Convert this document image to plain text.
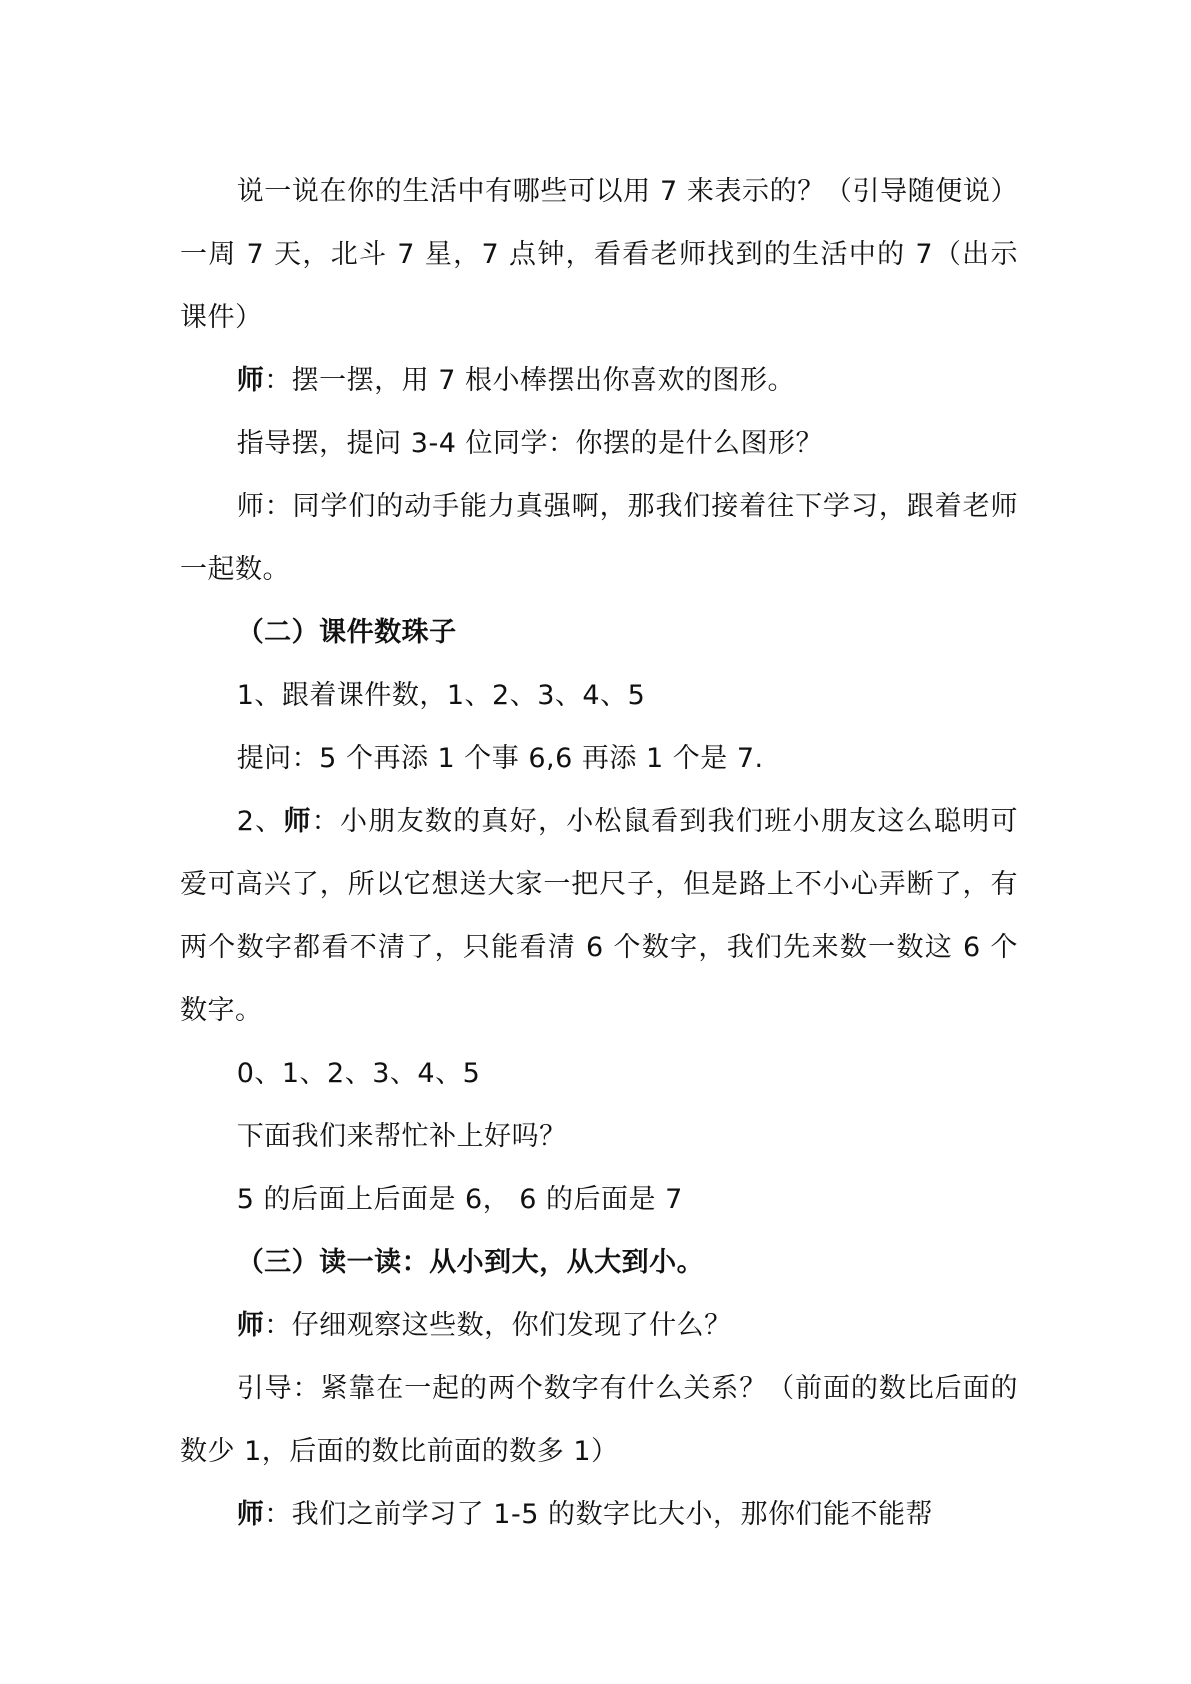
说一说在你的生活中有哪些可以用 7 来表示的？（引导随便说）一周 7 天，北斗 7 星，7 点钟，看看老师找到的生活中的 7（出示课件）

师：摆一摆，用 7 根小棒摆出你喜欢的图形。

指导摆，提问 3-4 位同学：你摆的是什么图形？

师：同学们的动手能力真强啊，那我们接着往下学习，跟着老师一起数。

（二）课件数珠子

1、跟着课件数，1、2、3、4、5

提问：5 个再添 1 个事 6,6 再添 1 个是 7.

2、师：小朋友数的真好，小松鼠看到我们班小朋友这么聪明可爱可高兴了，所以它想送大家一把尺子，但是路上不小心弄断了，有两个数字都看不清了，只能看清 6 个数字，我们先来数一数这 6 个数字。

0、1、2、3、4、5

下面我们来帮忙补上好吗？

5 的后面上后面是 6， 6 的后面是 7

（三）读一读：从小到大，从大到小。

师：仔细观察这些数，你们发现了什么？

引导：紧靠在一起的两个数字有什么关系？（前面的数比后面的数少 1，后面的数比前面的数多 1）

师：我们之前学习了 1-5 的数字比大小，那你们能不能帮
